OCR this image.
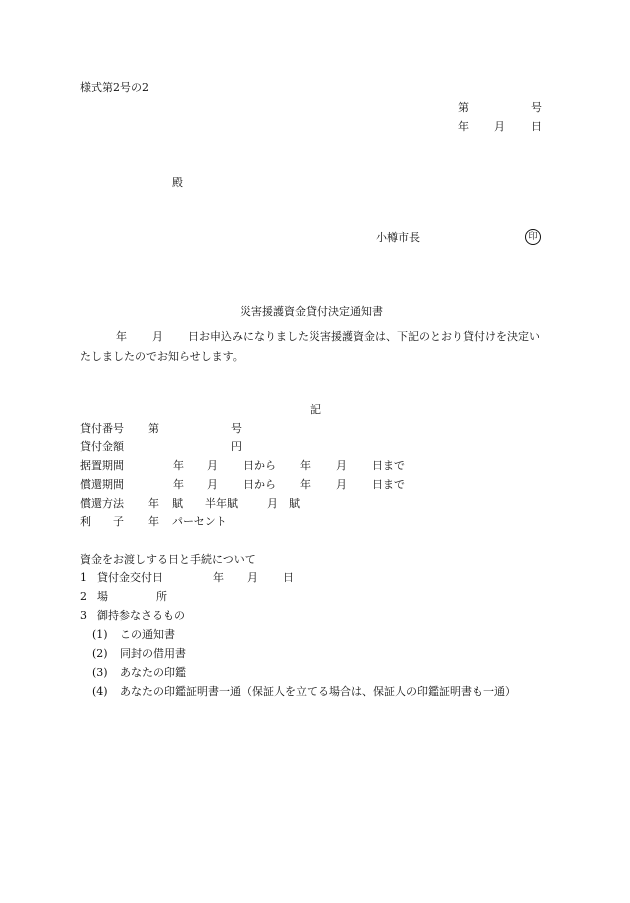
様式第2号の2
第	号
年 月 日
殿
小樽市長	印
災害援護資金貸付決定通知書
年 月	日お申込みになりました災害援護資金は、下記のとおり貸付けを決定いたしましたのでお知らせします。
記
貸付番号 第	号
貸付金額	円
据置期間	年 月 日から 年 月 日まで
償還期間	年 月 日から 年 月 日まで
償還方法 年 賦 半年賦	月 賦
利　　子 年 パーセント
資金をお渡しする日と手続について
1 貸付金交付日	年 月 日
2 場	所
3 御持参なさるもの
(1) この通知書
(2) 同封の借用書
(3) あなたの印鑑
(4) あなたの印鑑証明書一通（保証人を立てる場合は、保証人の印鑑証明書も一通）
